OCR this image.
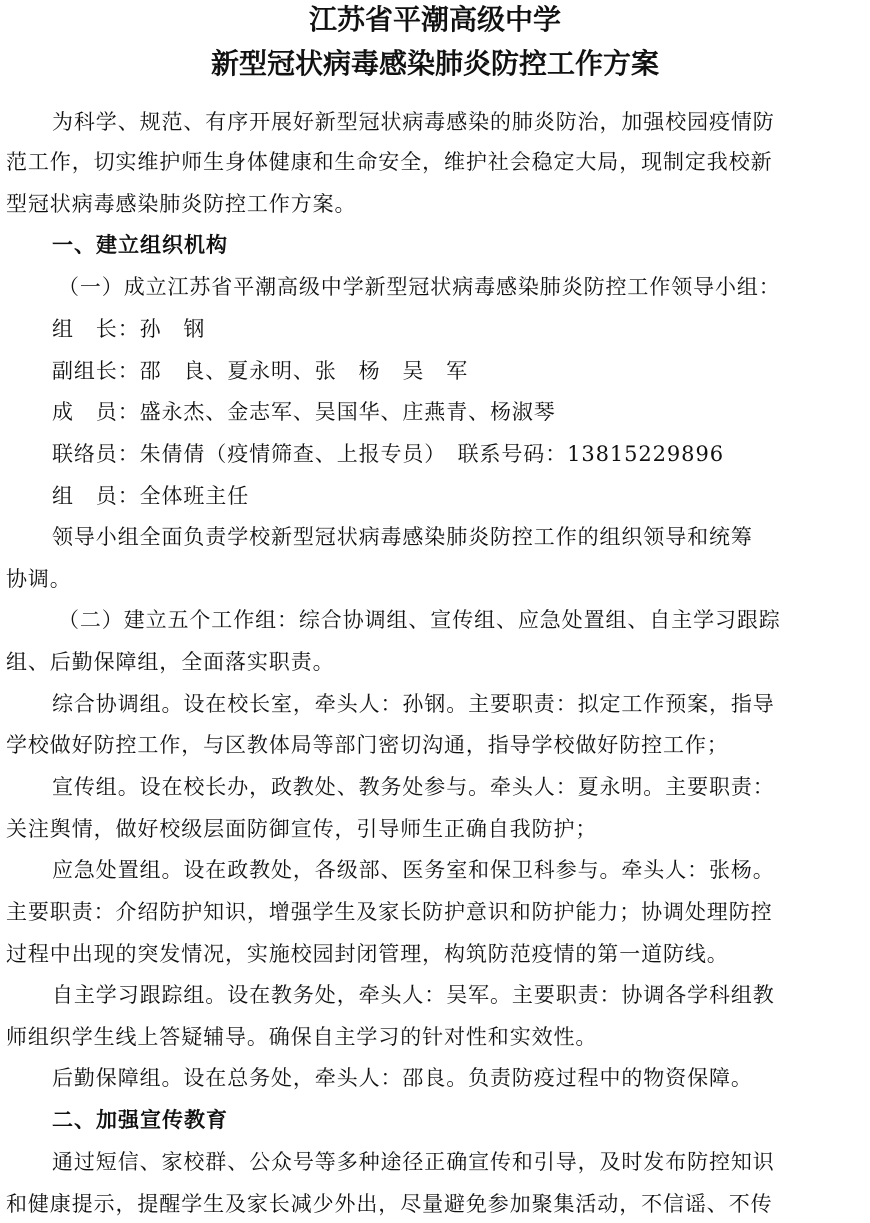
江苏省平潮高级中学
新型冠状病毒感染肺炎防控工作方案
为科学、规范、有序开展好新型冠状病毒感染的肺炎防治，加强校园疫情防
范工作，切实维护师生身体健康和生命安全，维护社会稳定大局，现制定我校新
型冠状病毒感染肺炎防控工作方案。
一、建立组织机构
（一）成立江苏省平潮高级中学新型冠状病毒感染肺炎防控工作领导小组：
组　长：孙　钢
副组长：邵　良、夏永明、张　杨　吴　军
成　员：盛永杰、金志军、吴国华、庄燕青、杨淑琴
联络员：朱倩倩（疫情筛查、上报专员）　联系号码：13815229896
组　员：全体班主任
领导小组全面负责学校新型冠状病毒感染肺炎防控工作的组织领导和统筹
协调。
（二）建立五个工作组：综合协调组、宣传组、应急处置组、自主学习跟踪
组、后勤保障组，全面落实职责。
综合协调组。设在校长室，牵头人：孙钢。主要职责：拟定工作预案，指导
学校做好防控工作，与区教体局等部门密切沟通，指导学校做好防控工作；
宣传组。设在校长办，政教处、教务处参与。牵头人：夏永明。主要职责：
关注舆情，做好校级层面防御宣传，引导师生正确自我防护；
应急处置组。设在政教处，各级部、医务室和保卫科参与。牵头人：张杨。
主要职责：介绍防护知识，增强学生及家长防护意识和防护能力；协调处理防控
过程中出现的突发情况，实施校园封闭管理，构筑防范疫情的第一道防线。
自主学习跟踪组。设在教务处，牵头人：吴军。主要职责：协调各学科组教
师组织学生线上答疑辅导。确保自主学习的针对性和实效性。
后勤保障组。设在总务处，牵头人：邵良。负责防疫过程中的物资保障。
二、加强宣传教育
通过短信、家校群、公众号等多种途径正确宣传和引导，及时发布防控知识
和健康提示，提醒学生及家长减少外出，尽量避免参加聚集活动，不信谣、不传
